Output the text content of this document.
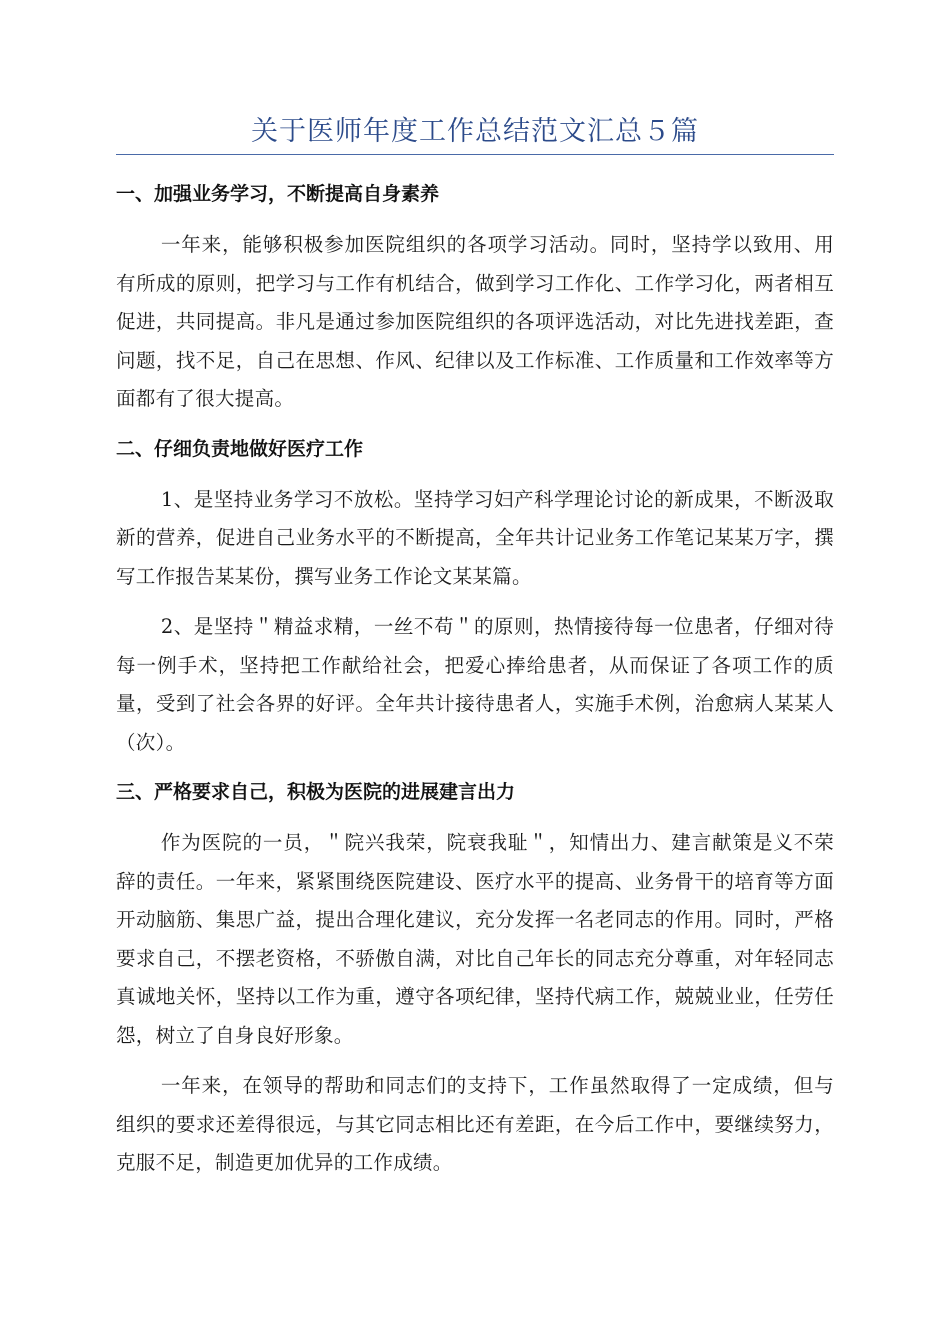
关于医师年度工作总结范文汇总５篇
一、加强业务学习，不断提高自身素养

一年来，能够积极参加医院组织的各项学习活动。同时，坚持学以致用、用有所成的原则，把学习与工作有机结合，做到学习工作化、工作学习化，两者相互促进，共同提高。非凡是通过参加医院组织的各项评选活动，对比先进找差距，查问题，找不足，自己在思想、作风、纪律以及工作标准、工作质量和工作效率等方面都有了很大提高。

二、仔细负责地做好医疗工作

1、是坚持业务学习不放松。坚持学习妇产科学理论讨论的新成果，不断汲取新的营养，促进自己业务水平的不断提高，全年共计记业务工作笔记某某万字，撰写工作报告某某份，撰写业务工作论文某某篇。

2、是坚持＂精益求精，一丝不苟＂的原则，热情接待每一位患者，仔细对待每一例手术，坚持把工作献给社会，把爱心捧给患者，从而保证了各项工作的质量，受到了社会各界的好评。全年共计接待患者人，实施手术例，治愈病人某某人（次）。

三、严格要求自己，积极为医院的进展建言出力

作为医院的一员，＂院兴我荣，院衰我耻＂，知情出力、建言献策是义不荣辞的责任。一年来，紧紧围绕医院建设、医疗水平的提高、业务骨干的培育等方面开动脑筋、集思广益，提出合理化建议，充分发挥一名老同志的作用。同时，严格要求自己，不摆老资格，不骄傲自满，对比自己年长的同志充分尊重，对年轻同志真诚地关怀，坚持以工作为重，遵守各项纪律，坚持代病工作，兢兢业业，任劳任怨，树立了自身良好形象。

一年来，在领导的帮助和同志们的支持下，工作虽然取得了一定成绩，但与组织的要求还差得很远，与其它同志相比还有差距，在今后工作中，要继续努力，克服不足，制造更加优异的工作成绩。
